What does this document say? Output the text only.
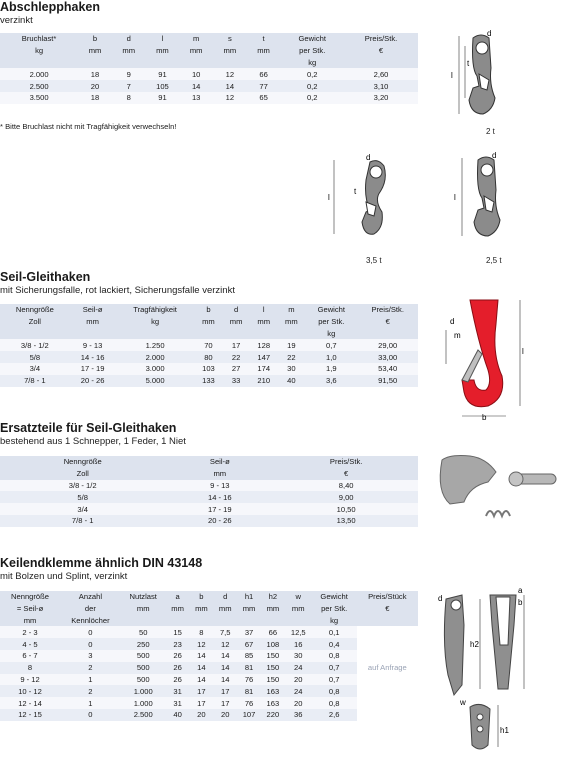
Abschlepphaken
verzinkt
Bruchlast*	b	d	l	m	s	t	Gewicht	Preis/Stk.
kg	mm	mm	mm	mm	mm	mm	per Stk.	€
							kg	
2.000	18	9	91	10	12	66	0,2	2,60
2.500	20	7	105	14	14	77	0,2	3,10
3.500	18	8	91	13	12	65	0,2	3,20
* Bitte Bruchlast nicht mit Tragfähigkeit verwechseln!
l
t
d
2 t
l
t
d
3,5 t
l
d
2,5 t
Seil-Gleithaken
mit Sicherungsfalle, rot lackiert, Sicherungsfalle verzinkt
Nenngröße	Seil-ø	Tragfähigkeit	b	d	l	m	Gewicht	Preis/Stk.
Zoll	mm	kg	mm	mm	mm	mm	per Stk.	€
							kg	
3/8 - 1/2	9 - 13	1.250	70	17	128	19	0,7	29,00
5/8	14 - 16	2.000	80	22	147	22	1,0	33,00
3/4	17 - 19	3.000	103	27	174	30	1,9	53,40
7/8 - 1	20 - 26	5.000	133	33	210	40	3,6	91,50
d
m
l
b
Ersatzteile für Seil-Gleithaken
bestehend aus 1 Schnepper, 1 Feder, 1 Niet
Nenngröße	Seil-ø	Preis/Stk.
Zoll	mm	€
3/8 - 1/2	9 - 13	8,40
5/8	14 - 16	9,00
3/4	17 - 19	10,50
7/8 - 1	20 - 26	13,50
Keilendklemme ähnlich DIN 43148
mit Bolzen und Splint, verzinkt
Nenngröße	Anzahl	Nutzlast	a	b	d	h1	h2	w	Gewicht	Preis/Stück
= Seil-ø	der	mm	mm	mm	mm	mm	mm	mm	per Stk.	€
mm	Kennlöcher								kg	
2 - 3	0	50	15	8	7,5	37	66	12,5	0,1	
4 - 5	0	250	23	12	12	67	108	16	0,4	
6 - 7	3	500	26	14	14	85	150	30	0,8	
8	2	500	26	14	14	81	150	24	0,7	auf Anfrage
9 - 12	1	500	26	14	14	76	150	20	0,7	
10 - 12	2	1.000	31	17	17	81	163	24	0,8	
12 - 14	1	1.000	31	17	17	76	163	20	0,8	
12 - 15	0	2.500	40	20	20	107	220	36	2,6	
h2
d
a
b
h1
w
